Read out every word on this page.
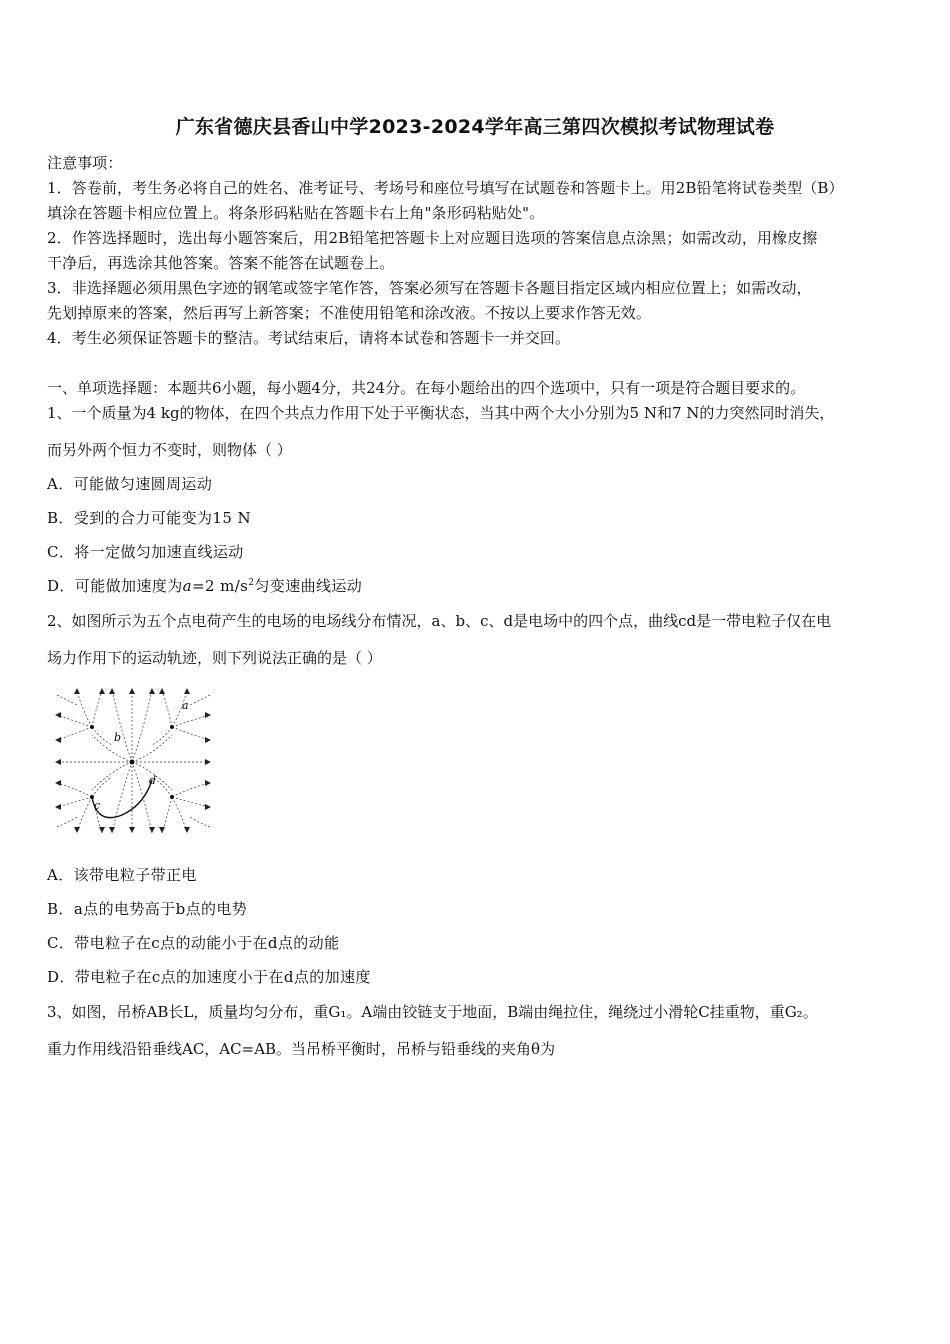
广东省德庆县香山中学2023-2024学年高三第四次模拟考试物理试卷
注意事项：
1．答卷前，考生务必将自己的姓名、准考证号、考场号和座位号填写在试题卷和答题卡上。用2B铅笔将试卷类型（B）
填涂在答题卡相应位置上。将条形码粘贴在答题卡右上角"条形码粘贴处"。
2．作答选择题时，选出每小题答案后，用2B铅笔把答题卡上对应题目选项的答案信息点涂黑；如需改动，用橡皮擦
干净后，再选涂其他答案。答案不能答在试题卷上。
3．非选择题必须用黑色字迹的钢笔或签字笔作答，答案必须写在答题卡各题目指定区域内相应位置上；如需改动，
先划掉原来的答案，然后再写上新答案；不准使用铅笔和涂改液。不按以上要求作答无效。
4．考生必须保证答题卡的整洁。考试结束后，请将本试卷和答题卡一并交回。
一、单项选择题：本题共6小题，每小题4分，共24分。在每小题给出的四个选项中，只有一项是符合题目要求的。
1、一个质量为4 kg的物体，在四个共点力作用下处于平衡状态，当其中两个大小分别为5 N和7 N的力突然同时消失，
而另外两个恒力不变时，则物体（ ）
A．可能做匀速圆周运动
B．受到的合力可能变为15 N
C．将一定做匀加速直线运动
D．可能做加速度为a=2 $m/s^2$匀变速曲线运动
2、如图所示为五个点电荷产生的电场的电场线分布情况，a、b、c、d是电场中的四个点，曲线cd是一带电粒子仅在电
场力作用下的运动轨迹，则下列说法正确的是（ ）
a
b
c
d
A．该带电粒子带正电
B．a点的电势高于b点的电势
C．带电粒子在c点的动能小于在d点的动能
D．带电粒子在c点的加速度小于在d点的加速度
3、如图，吊桥AB长L，质量均匀分布，重G₁。A端由铰链支于地面，B端由绳拉住，绳绕过小滑轮C挂重物，重G₂。
重力作用线沿铅垂线AC，AC=AB。当吊桥平衡时，吊桥与铅垂线的夹角θ为
